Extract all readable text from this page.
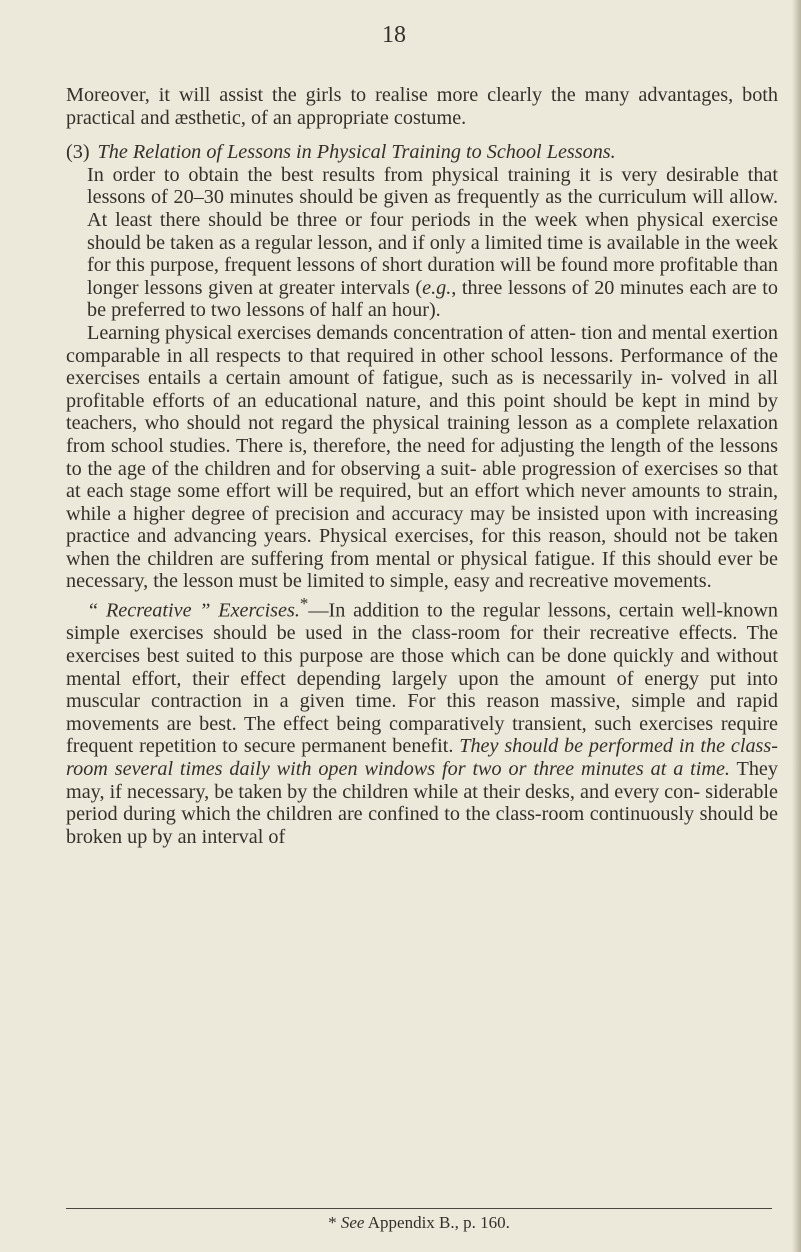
18

Moreover, it will assist the girls to realise more clearly the many advantages, both practical and æsthetic, of an appropriate costume.

(3) The Relation of Lessons in Physical Training to School Lessons.

In order to obtain the best results from physical training it is very desirable that lessons of 20–30 minutes should be given as frequently as the curriculum will allow. At least there should be three or four periods in the week when physical exercise should be taken as a regular lesson, and if only a limited time is available in the week for this purpose, frequent lessons of short duration will be found more profitable than longer lessons given at greater intervals (e.g., three lessons of 20 minutes each are to be preferred to two lessons of half an hour).

Learning physical exercises demands concentration of atten- tion and mental exertion comparable in all respects to that required in other school lessons. Performance of the exercises entails a certain amount of fatigue, such as is necessarily in- volved in all profitable efforts of an educational nature, and this point should be kept in mind by teachers, who should not regard the physical training lesson as a complete relaxation from school studies. There is, therefore, the need for adjusting the length of the lessons to the age of the children and for observing a suit- able progression of exercises so that at each stage some effort will be required, but an effort which never amounts to strain, while a higher degree of precision and accuracy may be insisted upon with increasing practice and advancing years. Physical exercises, for this reason, should not be taken when the children are suffering from mental or physical fatigue. If this should ever be necessary, the lesson must be limited to simple, easy and recreative movements.

“ Recreative ” Exercises.*—In addition to the regular lessons, certain well-known simple exercises should be used in the class-room for their recreative effects. The exercises best suited to this purpose are those which can be done quickly and without mental effort, their effect depending largely upon the amount of energy put into muscular contraction in a given time. For this reason massive, simple and rapid movements are best. The effect being comparatively transient, such exercises require frequent repetition to secure permanent benefit. They should be performed in the class-room several times daily with open windows for two or three minutes at a time. They may, if necessary, be taken by the children while at their desks, and every con- siderable period during which the children are confined to the class-room continuously should be broken up by an interval of

* See Appendix B., p. 160.
